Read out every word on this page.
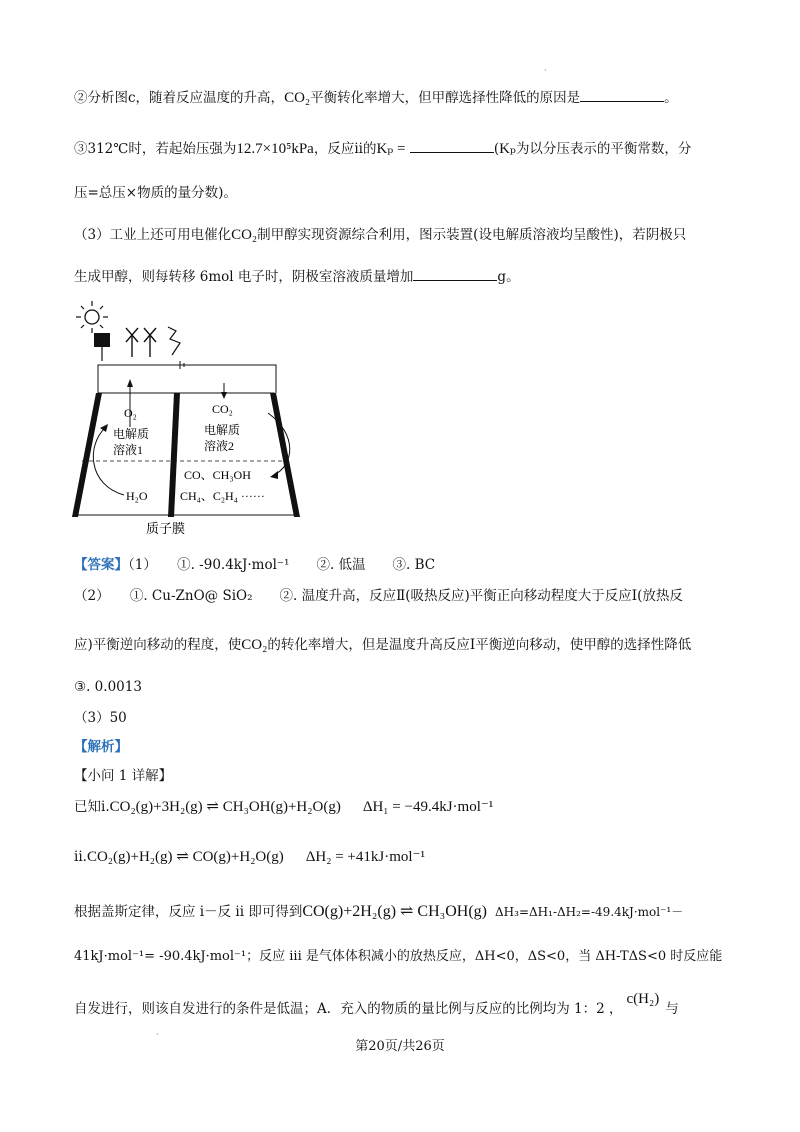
·
②分析图c，随着反应温度的升高，CO₂平衡转化率增大，但甲醇选择性降低的原因是	。
③312℃时，若起始压强为12.7×10⁵kPa，反应ii的Kₚ =	(Kₚ为以分压表示的平衡常数，分
压=总压×物质的量分数)。
（3）工业上还可用电催化CO₂制甲醇实现资源综合利用，图示装置(设电解质溶液均呈酸性)，若阴极只
生成甲醇，则每转移 6mol 电子时，阴极室溶液质量增加	g。
O₂	CO₂
电解质
溶液1
电解质
溶液2
CO、CH₃OH
CH₄、C₂H₄ ······
H₂O
质子膜
【答案】（1）　　①. -90.4kJ·mol⁻¹　　②. 低温　　③. BC
（2）　　①. Cu-ZnO@ SiO₂　　②. 温度升高，反应Ⅱ(吸热反应)平衡正向移动程度大于反应Ⅰ(放热反
应)平衡逆向移动的程度，使CO₂的转化率增大，但是温度升高反应Ⅰ平衡逆向移动，使甲醇的选择性降低
③. 0.0013
（3）50
【解析】
【小问 1 详解】
已知i.CO₂(g)+3H₂(g) ⇌ CH₃OH(g)+H₂O(g) ΔH₁ = −49.4kJ·mol⁻¹
ii.CO₂(g)+H₂(g) ⇌ CO(g)+H₂O(g) ΔH₂ = +41kJ·mol⁻¹
根据盖斯定律，反应 i－反 ii 即可得到CO(g)+2H₂(g) ⇌ CH₃OH(g) ΔH₃=ΔH₁-ΔH₂=-49.4kJ·mol⁻¹－
41kJ·mol⁻¹= -90.4kJ·mol⁻¹；反应 iii 是气体体积减小的放热反应，ΔH<0，ΔS<0，当 ΔH-TΔS<0 时反应能
自发进行，则该自发进行的条件是低温；A．充入的物质的量比例与反应的比例均为 1：2 ，c(H₂)与
·
第20页/共26页
